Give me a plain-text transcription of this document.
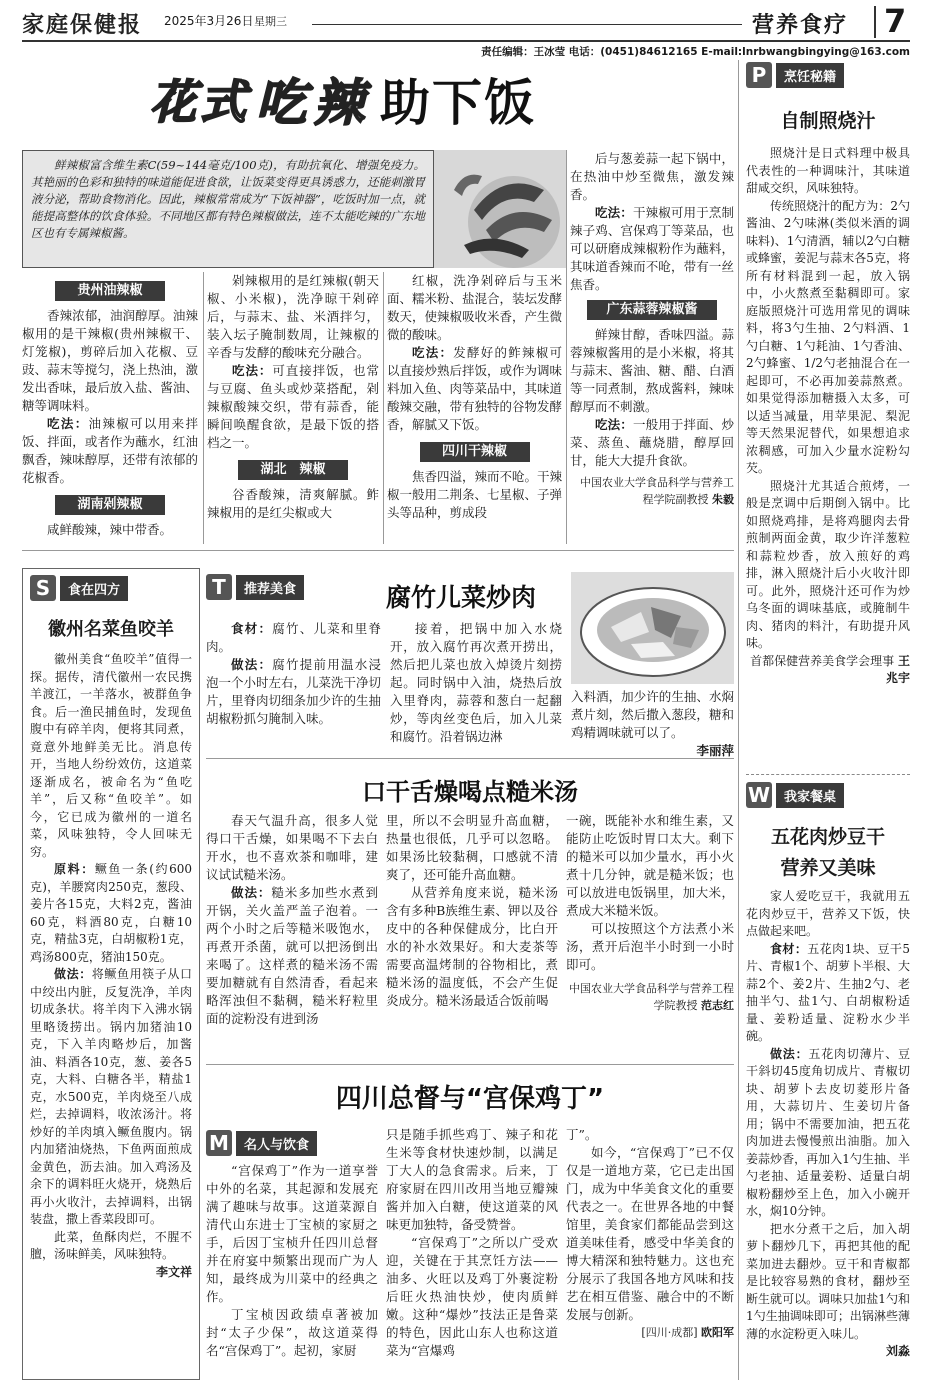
家庭保健报 2025年3月26日 星期三	营养食疗 7
责任编辑：王冰莹 电话：(0451)84612165 E-mail:lnrbwangbingying@163.com
花式 吃辣 助下饭
鲜辣椒富含维生素C(59~144毫克/100克)，有助抗氧化、增强免疫力。其艳丽的色彩和独特的味道能促进食欲，让饭菜变得更具诱惑力，还能刺激胃液分泌，帮助食物消化。因此，辣椒常常成为“下饭神器”，吃饭时加一点，就能提高整体的饮食体验。不同地区都有特色辣椒做法，连不太能吃辣的广东地区也有专属辣椒酱。
贵州油辣椒

香辣浓郁，油润醇厚。油辣椒用的是干辣椒(贵州辣椒干、灯笼椒)，剪碎后加入花椒、豆豉、蒜末等搅匀，浇上热油，激发出香味，最后放入盐、酱油、糖等调味料。

吃法：油辣椒可以用来拌饭、拌面，或者作为蘸水，红油飘香，辣味醇厚，还带有浓郁的花椒香。

湖南剁辣椒

咸鲜酸辣，辣中带香。

剁辣椒用的是红辣椒(朝天椒、小米椒)，洗净晾干剁碎后，与蒜末、盐、米酒拌匀，装入坛子腌制数周，让辣椒的辛香与发酵的酸味充分融合。

吃法：可直接拌饭，也常与豆腐、鱼头或炒菜搭配，剁辣椒酸辣交织，带有蒜香，能瞬间唤醒食欲，是最下饭的搭档之一。

湖北　辣椒

谷香酸辣，清爽解腻。鲊辣椒用的是红尖椒或大

红椒，洗净剁碎后与玉米面、糯米粉、盐混合，装坛发酵数天，使辣椒吸收米香，产生微微的酸味。

吃法：发酵好的鲊辣椒可以直接炒熟后拌饭，或作为调味料加入鱼、肉等菜品中，其味道酸辣交融，带有独特的谷物发酵香，解腻又下饭。

四川干辣椒

焦香四溢，辣而不呛。干辣椒一般用二荆条、七星椒、子弹头等品种，剪成段

后与葱姜蒜一起下锅中，在热油中炒至微焦，激发辣香。

吃法：干辣椒可用于烹制辣子鸡、宫保鸡丁等菜品，也可以研磨成辣椒粉作为蘸料，其味道香辣而不呛，带有一丝焦香。

广东蒜蓉辣椒酱

鲜辣甘醇，香味四溢。蒜蓉辣椒酱用的是小米椒，将其与蒜末、酱油、糖、醋、白酒等一同煮制，熬成酱料，辣味醇厚而不刺激。

吃法：一般用于拌面、炒菜、蒸鱼、蘸烧腊，醇厚回甘，能大大提升食欲。

中国农业大学食品科学与营养工程学院副教授 朱毅

P	烹饪秘籍
自制照烧汁

照烧汁是日式料理中极具代表性的一种调味汁，其味道甜咸交织，风味独特。

传统照烧汁的配方为：2勺酱油、2勺味淋(类似米酒的调味料)、1勺清酒，辅以2勺白糖或蜂蜜，姜泥与蒜末各5克，将所有材料混到一起，放入锅中，小火熬煮至黏稠即可。家庭版照烧汁可选用常见的调味料，将3勺生抽、2勺料酒、1勺白糖、1勺耗油、1勺香油、2勺蜂蜜、1/2勺老抽混合在一起即可，不必再加姜蒜熬煮。如果觉得添加糖摄入太多，可以适当减量，用苹果泥、梨泥等天然果泥替代，如果想追求浓稠感，可加入少量水淀粉勾芡。

照烧汁尤其适合煎烤，一般是烹调中后期倒入锅中。比如照烧鸡排，是将鸡腿肉去骨煎制两面金黄，取少许洋葱粒和蒜粒炒香，放入煎好的鸡排，淋入照烧汁后小火收汁即可。此外，照烧汁还可作为炒乌冬面的调味基底，或腌制牛肉、猪肉的料汁，有助提升风味。

首都保健营养美食学会理事 王兆宇

W	我家餐桌
五花肉炒豆干
营养又美味

家人爱吃豆干，我就用五花肉炒豆干，营养又下饭，快点做起来吧。

食材：五花肉1块、豆干5片、青椒1个、胡萝卜半根、大蒜2个、姜2片、生抽2勺、老抽半勺、盐1勺、白胡椒粉适量、姜粉适量、淀粉水少半碗。

做法：五花肉切薄片、豆干斜切45度角切成片、青椒切块、胡萝卜去皮切菱形片备用，大蒜切片、生姜切片备用；锅中不需要加油，把五花肉加进去慢慢煎出油脂。加入姜蒜炒香，再加入1勺生抽、半勺老抽、适量姜粉、适量白胡椒粉翻炒至上色，加入小碗开水，焖10分钟。

把水分煮干之后，加入胡萝卜翻炒几下，再把其他的配菜加进去翻炒。豆干和青椒都是比较容易熟的食材，翻炒至断生就可以。调味只加盐1勺和1勺生抽调味即可；出锅淋些薄薄的水淀粉更入味儿。

刘淼

S	食在四方
徽州名菜鱼咬羊

徽州美食“鱼咬羊”值得一探。据传，清代徽州一农民携羊渡江，一羊落水，被群鱼争食。后一渔民捕鱼时，发现鱼腹中有碎羊肉，便将其同煮，竟意外地鲜美无比。消息传开，当地人纷纷效仿，这道菜逐渐成名，被命名为“鱼吃羊”，后又称“鱼咬羊”。如今，它已成为徽州的一道名菜，风味独特，令人回味无穷。

原料：鳜鱼一条(约600克)，羊腰窝肉250克，葱段、姜片各15克，大料2克，酱油60克，料酒80克，白糖10克，精盐3克，白胡椒粉1克，鸡汤800克，猪油150克。

做法：将鳜鱼用筷子从口中绞出内脏，反复洗净，羊肉切成条状。将羊肉下入沸水锅里略烫捞出。锅内加猪油10克，下入羊肉略炒后，加酱油、料酒各10克，葱、姜各5克，大料、白糖各半，精盐1克，水500克，羊肉烧至八成烂，去掉调料，收浓汤汁。将炒好的羊肉填入鳜鱼腹内。锅内加猪油烧热，下鱼两面煎成金黄色，沥去油。加入鸡汤及余下的调料旺火烧开，烧熟后再小火收汁，去掉调料，出锅装盘，撒上香菜段即可。

此菜，鱼酥肉烂，不腥不膻，汤味鲜美，风味独特。

李文祥

T	推荐美食	腐竹儿菜炒肉

食材：腐竹、儿菜和里脊肉。

做法：腐竹提前用温水浸泡一个小时左右，儿菜洗干净切片，里脊肉切细条加少许的生抽胡椒粉抓匀腌制入味。

接着，把锅中加入水烧开，放入腐竹再次煮开捞出，然后把儿菜也放入焯烫片刻捞起。同时锅中入油，烧热后放入里脊肉，蒜蓉和葱白一起翻炒，等肉丝变色后，加入儿菜和腐竹。沿着锅边淋

入料酒，加少许的生抽、水焖煮片刻，然后撒入葱段，糖和鸡精调味就可以了。

李丽萍

口干舌燥喝点糙米汤

春天气温升高，很多人觉得口干舌燥，如果喝不下去白开水，也不喜欢茶和咖啡，建议试试糙米汤。

做法：糙米多加些水煮到开锅，关火盖严盖子泡着。一两个小时之后等糙米吸饱水，再煮开杀菌，就可以把汤倒出来喝了。这样煮的糙米汤不需要加糖就有自然清香，看起来略浑浊但不黏稠，糙米籽粒里面的淀粉没有进到汤

里，所以不会明显升高血糖，热量也很低，几乎可以忽略。如果汤比较黏稠，口感就不清爽了，还可能升高血糖。

从营养角度来说，糙米汤含有多种B族维生素、钾以及谷皮中的各种保健成分，比白开水的补水效果好。和大麦茶等需要高温烤制的谷物相比，煮糙米汤的温度低，不会产生促炎成分。糙米汤最适合饭前喝

一碗，既能补水和维生素，又能防止吃饭时胃口太大。剩下的糙米可以加少量水，再小火煮十几分钟，就是糙米饭；也可以放进电饭锅里，加大米，煮成大米糙米饭。

可以按照这个方法煮小米汤，煮开后泡半小时到一小时即可。

中国农业大学食品科学与营养工程学院教授 范志红

四川总督与“宫保鸡丁”
M	名人与饮食

“宫保鸡丁”作为一道享誉中外的名菜，其起源和发展充满了趣味与故事。这道菜源自清代山东进士丁宝桢的家厨之手，后因丁宝桢升任四川总督并在府宴中频繁出现而广为人知，最终成为川菜中的经典之作。

丁宝桢因政绩卓著被加封“太子少保”，故这道菜得名“宫保鸡丁”。起初，家厨

只是随手抓些鸡丁、辣子和花生米等食材快速炒制，以满足丁大人的急食需求。后来，丁府家厨在四川改用当地豆瓣辣酱并加入白糖，使这道菜的风味更加独特，备受赞誉。

“宫保鸡丁”之所以广受欢迎，关键在于其烹饪方法——油多、火旺以及鸡丁外裹淀粉后旺火热油快炒，使肉质鲜嫩。这种“爆炒”技法正是鲁菜的特色，因此山东人也称这道菜为“宫爆鸡

丁”。

如今，“宫保鸡丁”已不仅仅是一道地方菜，它已走出国门，成为中华美食文化的重要代表之一。在世界各地的中餐馆里，美食家们都能品尝到这道美味佳肴，感受中华美食的博大精深和独特魅力。这也充分展示了我国各地方风味和技艺在相互借鉴、融合中的不断发展与创新。

[四川·成都] 欧阳军
